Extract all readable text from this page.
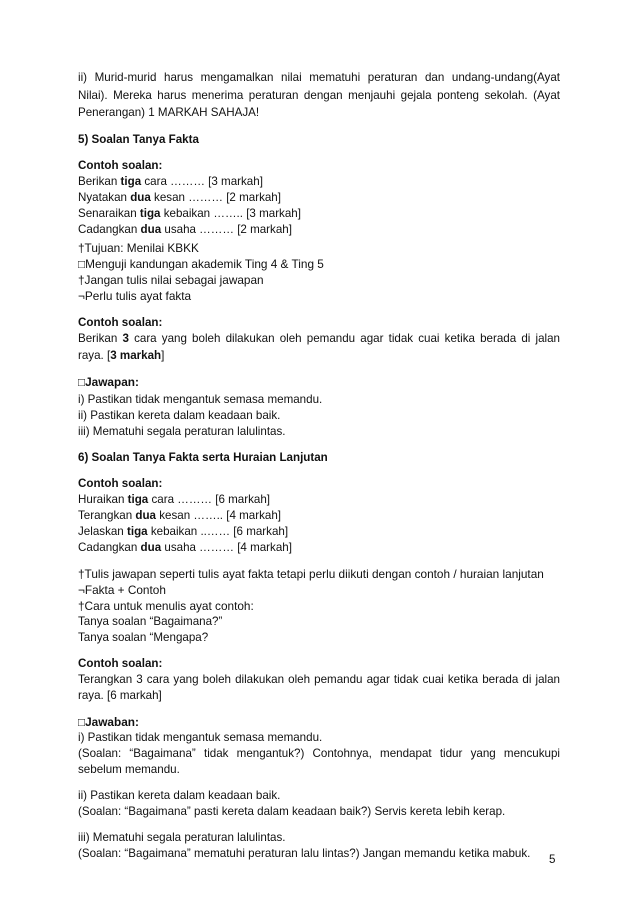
ii) Murid-murid harus mengamalkan nilai mematuhi peraturan dan undang-undang(Ayat
Nilai). Mereka harus menerima peraturan dengan menjauhi gejala ponteng sekolah. (Ayat
Penerangan) 1 MARKAH SAHAJA!
5) Soalan Tanya Fakta
Contoh soalan:
Berikan tiga cara ……… [3 markah]
Nyatakan dua kesan ……… [2 markah]
Senaraikan tiga kebaikan …….. [3 markah]
Cadangkan dua usaha ……… [2 markah]
†Tujuan: Menilai KBKK
□Menguji kandungan akademik Ting 4 & Ting 5
†Jangan tulis nilai sebagai jawapan
¬Perlu tulis ayat fakta
Contoh soalan:
Berikan 3 cara yang boleh dilakukan oleh pemandu agar tidak cuai ketika berada di jalan
raya. [3 markah]
□Jawapan:
i) Pastikan tidak mengantuk semasa memandu.
ii) Pastikan kereta dalam keadaan baik.
iii) Mematuhi segala peraturan lalulintas.
6) Soalan Tanya Fakta serta Huraian Lanjutan
Contoh soalan:
Huraikan tiga cara ……… [6 markah]
Terangkan dua kesan …….. [4 markah]
Jelaskan tiga kebaikan ..…… [6 markah]
Cadangkan dua usaha ……… [4 markah]
†Tulis jawapan seperti tulis ayat fakta tetapi perlu diikuti dengan contoh / huraian lanjutan
¬Fakta + Contoh
†Cara untuk menulis ayat contoh:
Tanya soalan “Bagaimana?”
Tanya soalan “Mengapa?
Contoh soalan:
Terangkan 3 cara yang boleh dilakukan oleh pemandu agar tidak cuai ketika berada di jalan
raya. [6 markah]
□Jawaban:
i) Pastikan tidak mengantuk semasa memandu.
(Soalan: “Bagaimana” tidak mengantuk?) Contohnya, mendapat tidur yang mencukupi
sebelum memandu.
ii) Pastikan kereta dalam keadaan baik.
(Soalan: “Bagaimana” pasti kereta dalam keadaan baik?) Servis kereta lebih kerap.
iii) Mematuhi segala peraturan lalulintas.
(Soalan: “Bagaimana” mematuhi peraturan lalu lintas?) Jangan memandu ketika mabuk.	5
